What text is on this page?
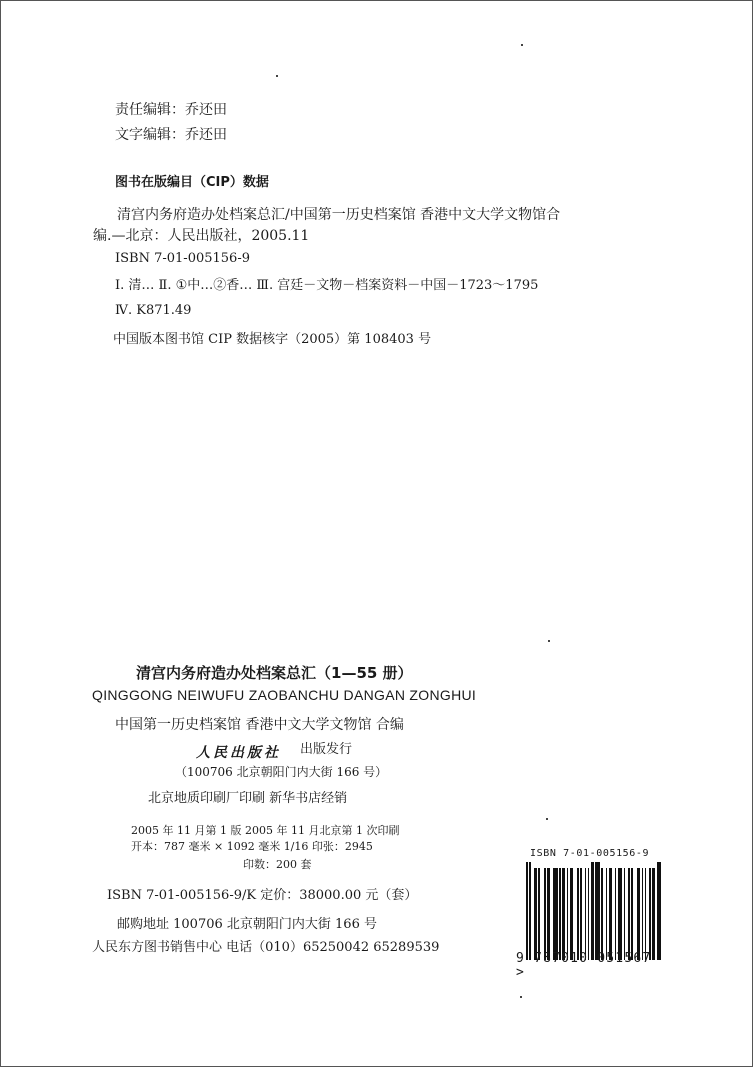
责任编辑：乔还田
文字编辑：乔还田
图书在版编目（CIP）数据
清宫内务府造办处档案总汇/中国第一历史档案馆 香港中文大学文物馆合
编.—北京：人民出版社，2005.11
ISBN 7-01-005156-9
Ⅰ. 清… Ⅱ. ①中…②香… Ⅲ. 宫廷－文物－档案资料－中国－1723～1795
Ⅳ. K871.49
中国版本图书馆 CIP 数据核字（2005）第 108403 号
清宫内务府造办处档案总汇（1—55 册）
QINGGONG NEIWUFU ZAOBANCHU DANGAN ZONGHUI
中国第一历史档案馆 香港中文大学文物馆 合编
人民出版社 出版发行
（100706 北京朝阳门内大街 166 号）
北京地质印刷厂印刷 新华书店经销
2005 年 11 月第 1 版 2005 年 11 月北京第 1 次印刷
开本：787 毫米 × 1092 毫米 1/16 印张：2945
印数：200 套
ISBN 7-01-005156-9/K 定价：38000.00 元（套）
邮购地址 100706 北京朝阳门内大街 166 号
人民东方图书销售中心 电话（010）65250042 65289539
ISBN 7-01-005156-9
9 787010 051567 >
